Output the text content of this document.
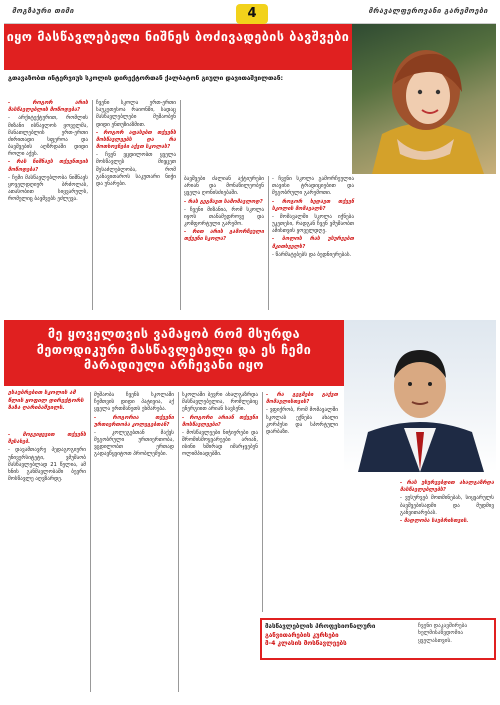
მოგზაური თიმი	4	მრავალფეროვანი გარემოები
იყო მასწავლებელი ნიშნეს ბოძივადების ბავშვები
გთავაზობთ ინტერვიუს სკოლის დირექტორთან ქალბატონ გიული დავითაშვილთან:

- როგორ არის მასწავლებლის მოწოდება?

- არქიტექტურით, რომლის მიზანი ისწავლოს ყოველმა, მანათლებლის ერთ-ერთი ძირითადი სფეროა და ბავშვების აღზრდაში დიდი როლი აქვს.

- რას ნიშნავს თქვენთვის მოწოდება?

- ჩემი მასწავლებლობა ნიშნავს ყოველდღიურ ბრძოლას, ათასობით სიყვარულს, რომელიც ბავშვებს ეძლევა.

ჩვენი სკოლა ერთ-ერთი საუკეთესოა რაიონში, სადაც მასწავლებლები მუშაობენ დიდი ენთუზიაზმით.

- როგორ აფასებთ თქვენს მოსწავლეებს და რა მოთხოვნები აქვთ სკოლას?

- ჩვენ ვცდილობთ ყველა მოსწავლეს მივცეთ შესაძლებლობა, რომ განავითაროს საკუთარი ნიჭი და უნარები.

ბავშვები ძალიან აქტიურები არიან და მონაწილეობენ ყველა ღონისძიებაში.

- რას გეგმავთ სამომავლოდ?

- ჩვენი მიზანია, რომ სკოლა იყოს თანამედროვე და კომფორტული გარემო.

- რით არის გამორჩეული თქვენი სკოლა?

- ჩვენი სკოლა გამორჩეულია თავისი ტრადიციებით და მეგობრული გარემოთი.

- როგორ ხედავთ თქვენ სკოლის მომავალს?

- მომავალში სკოლა იქნება უკეთესი, რადგან ჩვენ ვმუშაობთ ამისთვის ყოველდღე.

- ბოლოს რას უსურვებთ მკითხველს?

- წარმატებებს და ბედნიერებას.

მე ყოველთვის ვამაყობ რომ მსურდა მეთოდიკური მასწავლებელი და ეს ჩემი მარადიული არჩევანი იყო
ესაუბრებით სკოლის ამ წლის ყოფილ დირექტორს ზაზა ღარიბაშვილს.

- მოგვიყევით თქვენს შესახებ.

- დავამთავრე პედაგოგიური უნივერსიტეტი, ვმუშაობ მასწავლებლად 21 წელია, ამ ხნის განმავლობაში ბევრი მოსწავლე აღვზარდე.

მუშაობა ჩვენს სკოლაში ჩემთვის დიდი პატივია, აქ ყველა ერთმანეთს ეხმარება.

- როგორია თქვენი ურთიერთობა კოლეგებთან?

- კოლეგებთან მაქვს მეგობრული ურთიერთობა, ვცდილობთ ერთად გადავწყვიტოთ პრობლემები.

სკოლაში ბევრი ახალგაზრდა მასწავლებელია, რომლებიც ენერგიით არიან სავსენი.

- როგორი არიან თქვენი მოსწავლეები?

- მოსწავლეები ნიჭიერები და შრომისმოყვარეები არიან, ისინი ხშირად იმარჯვებენ ოლიმპიადებში.

- რა გეგმები გაქვთ მომავლისთვის?

- ვფიქრობ, რომ მომავალში სკოლას ექნება ახალი კორპუსი და სპორტული დარბაზი.

- რას უსურვებდით ახალგაზრდა მასწავლებლებს?

- ვუსურვებ მოთმინებას, სიყვარულს ბავშვებისადმი და მუდმივ განვითარებას.

- მადლობა საუბრისთვის.

მასწავლებლის პროფესიონალური
განვითარების კურსები
მ-4 კლასის მოსწავლეებს
ჩვენი დაკავშირება ხელმისაწვდომია ყველასთვის.
